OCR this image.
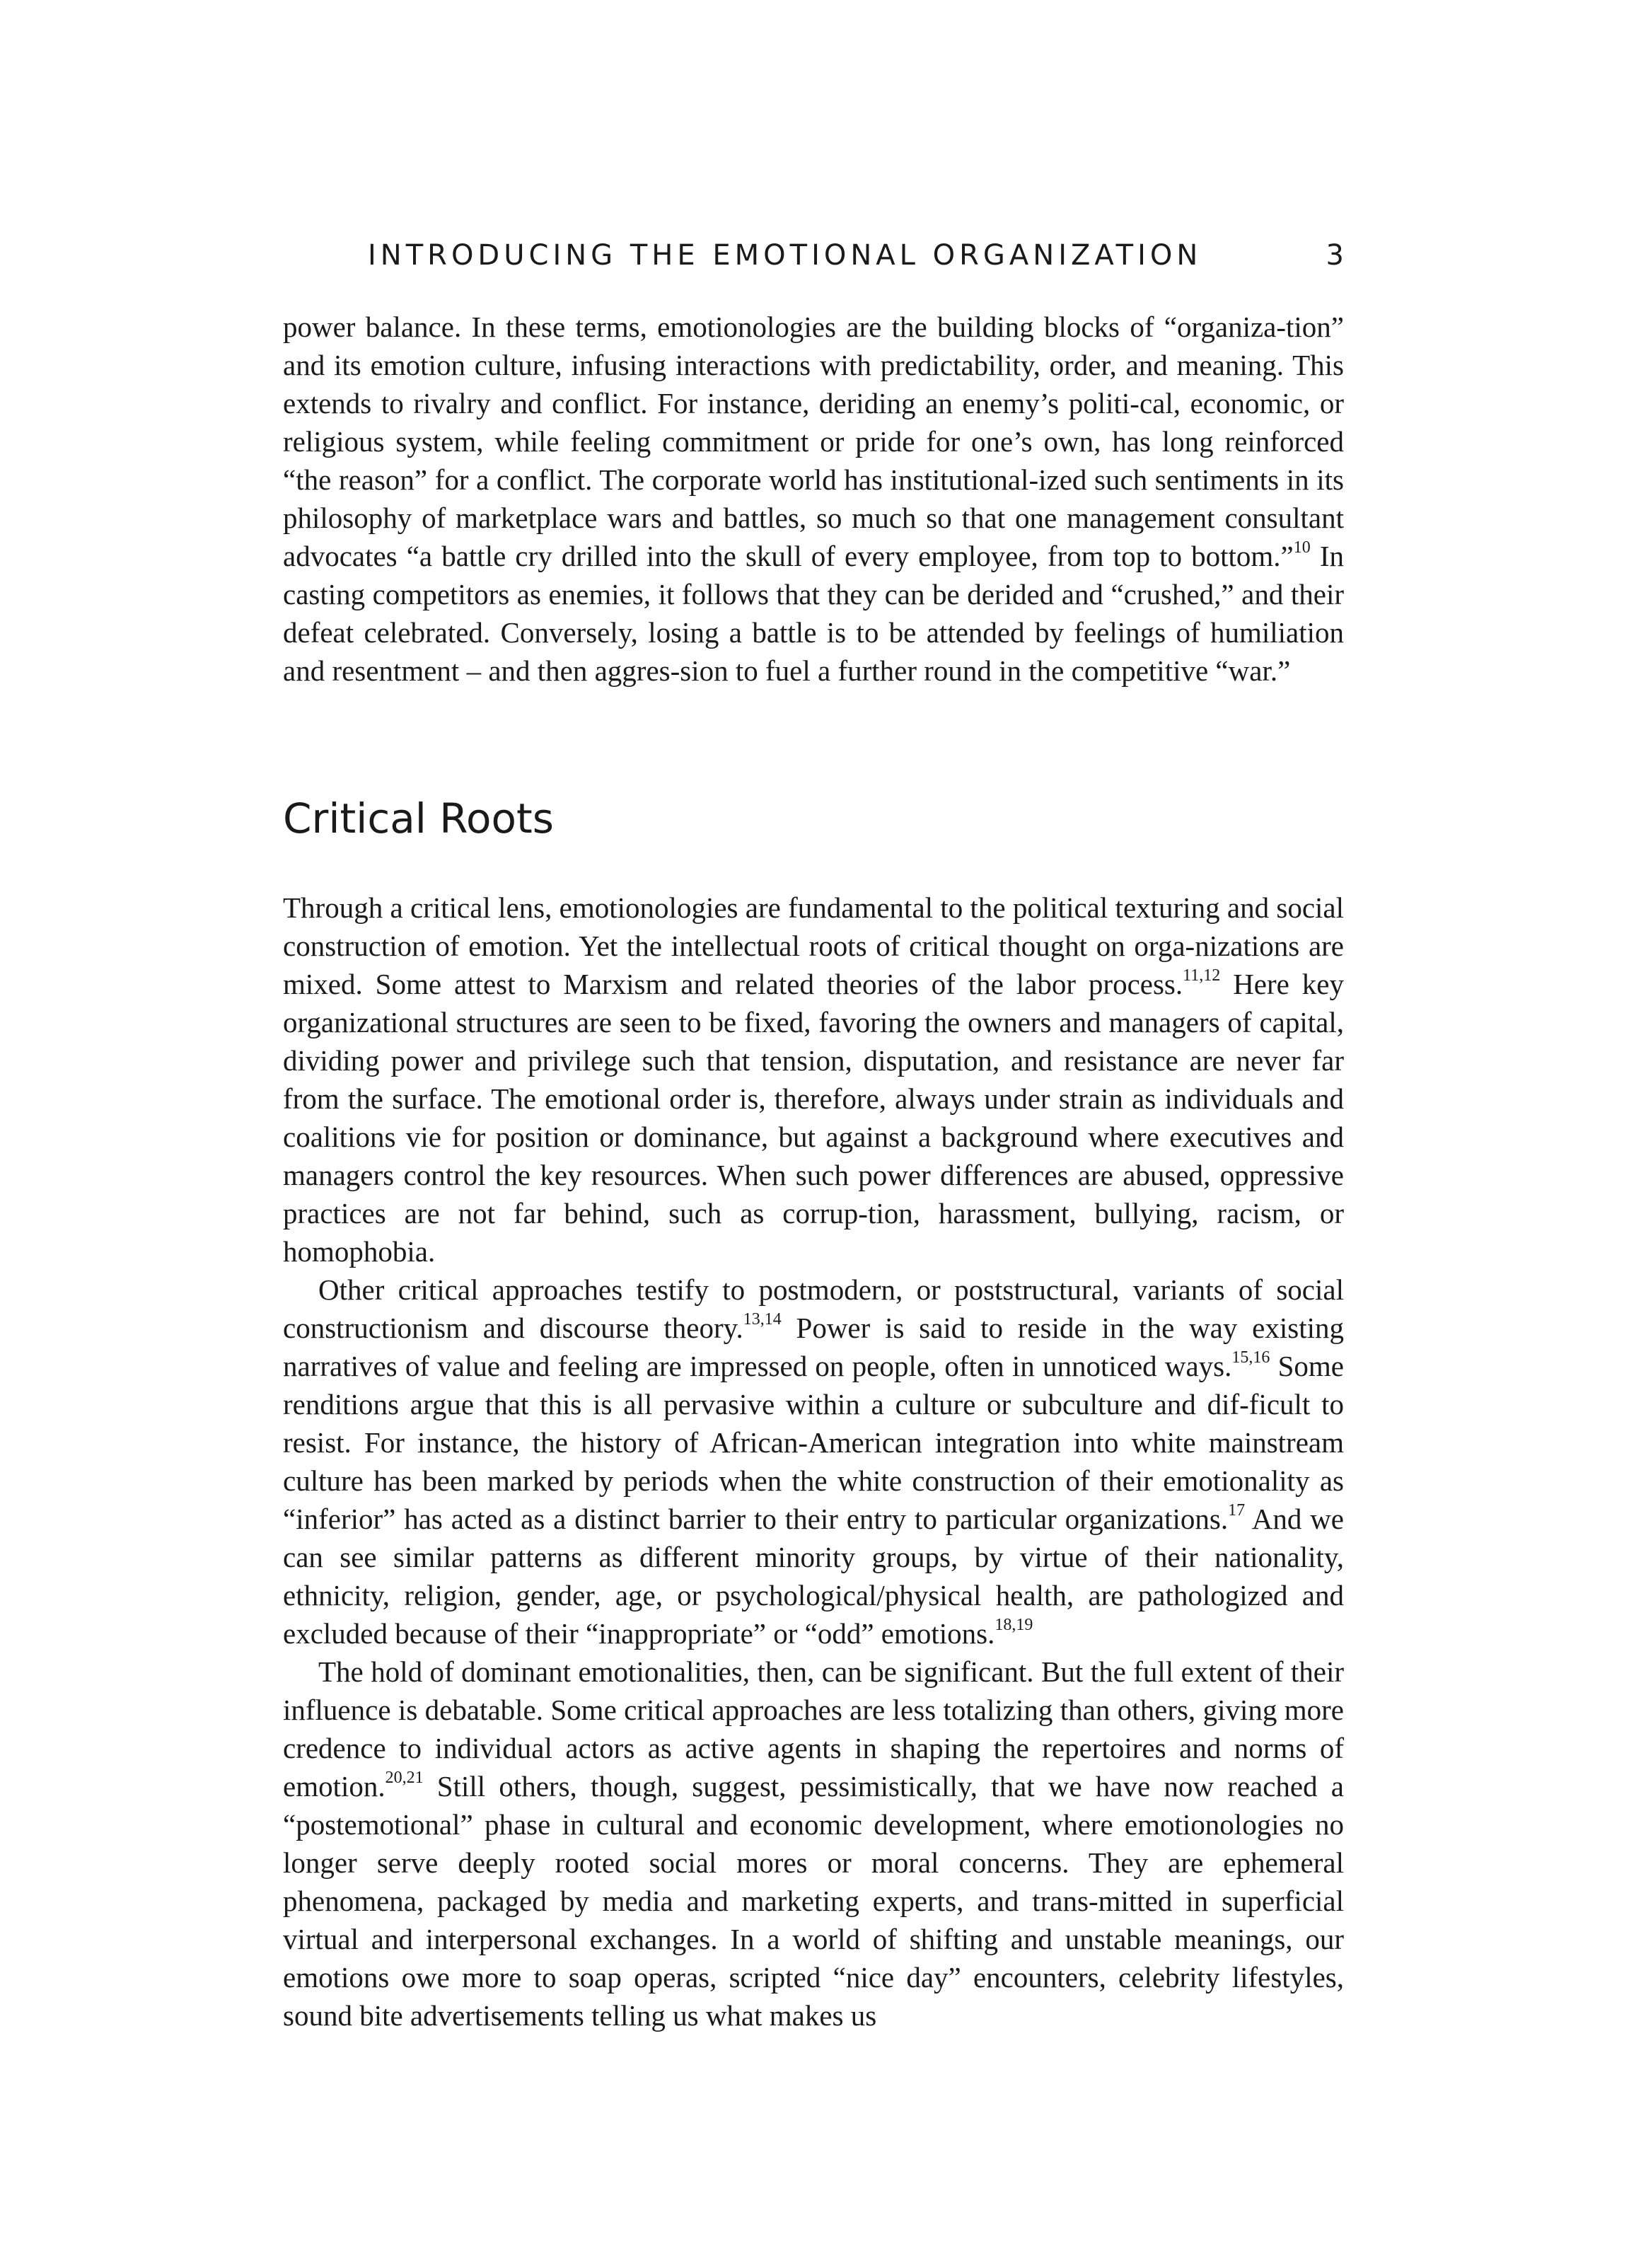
INTRODUCING THE EMOTIONAL ORGANIZATION	3

power balance. In these terms, emotionologies are the building blocks of “organiza-tion” and its emotion culture, infusing interactions with predictability, order, and meaning. This extends to rivalry and conflict. For instance, deriding an enemy’s politi-cal, economic, or religious system, while feeling commitment or pride for one’s own, has long reinforced “the reason” for a conflict. The corporate world has institutional-ized such sentiments in its philosophy of marketplace wars and battles, so much so that one management consultant advocates “a battle cry drilled into the skull of every employee, from top to bottom.”$^{10}$ In casting competitors as enemies, it follows that they can be derided and “crushed,” and their defeat celebrated. Conversely, losing a battle is to be attended by feelings of humiliation and resentment – and then aggres-sion to fuel a further round in the competitive “war.”

Critical Roots

Through a critical lens, emotionologies are fundamental to the political texturing and social construction of emotion. Yet the intellectual roots of critical thought on orga-nizations are mixed. Some attest to Marxism and related theories of the labor process.$^{11,12}$ Here key organizational structures are seen to be fixed, favoring the owners and managers of capital, dividing power and privilege such that tension, disputation, and resistance are never far from the surface. The emotional order is, therefore, always under strain as individuals and coalitions vie for position or dominance, but against a background where executives and managers control the key resources. When such power differences are abused, oppressive practices are not far behind, such as corrup-tion, harassment, bullying, racism, or homophobia.

Other critical approaches testify to postmodern, or poststructural, variants of social constructionism and discourse theory.$^{13,14}$ Power is said to reside in the way existing narratives of value and feeling are impressed on people, often in unnoticed ways.$^{15,16}$ Some renditions argue that this is all pervasive within a culture or subculture and dif-ficult to resist. For instance, the history of African-American integration into white mainstream culture has been marked by periods when the white construction of their emotionality as “inferior” has acted as a distinct barrier to their entry to particular organizations.$^{17}$ And we can see similar patterns as different minority groups, by virtue of their nationality, ethnicity, religion, gender, age, or psychological/physical health, are pathologized and excluded because of their “inappropriate” or “odd” emotions.$^{18,19}$

The hold of dominant emotionalities, then, can be significant. But the full extent of their influence is debatable. Some critical approaches are less totalizing than others, giving more credence to individual actors as active agents in shaping the repertoires and norms of emotion.$^{20,21}$ Still others, though, suggest, pessimistically, that we have now reached a “postemotional” phase in cultural and economic development, where emotionologies no longer serve deeply rooted social mores or moral concerns. They are ephemeral phenomena, packaged by media and marketing experts, and trans-mitted in superficial virtual and interpersonal exchanges. In a world of shifting and unstable meanings, our emotions owe more to soap operas, scripted “nice day” encounters, celebrity lifestyles, sound bite advertisements telling us what makes us
